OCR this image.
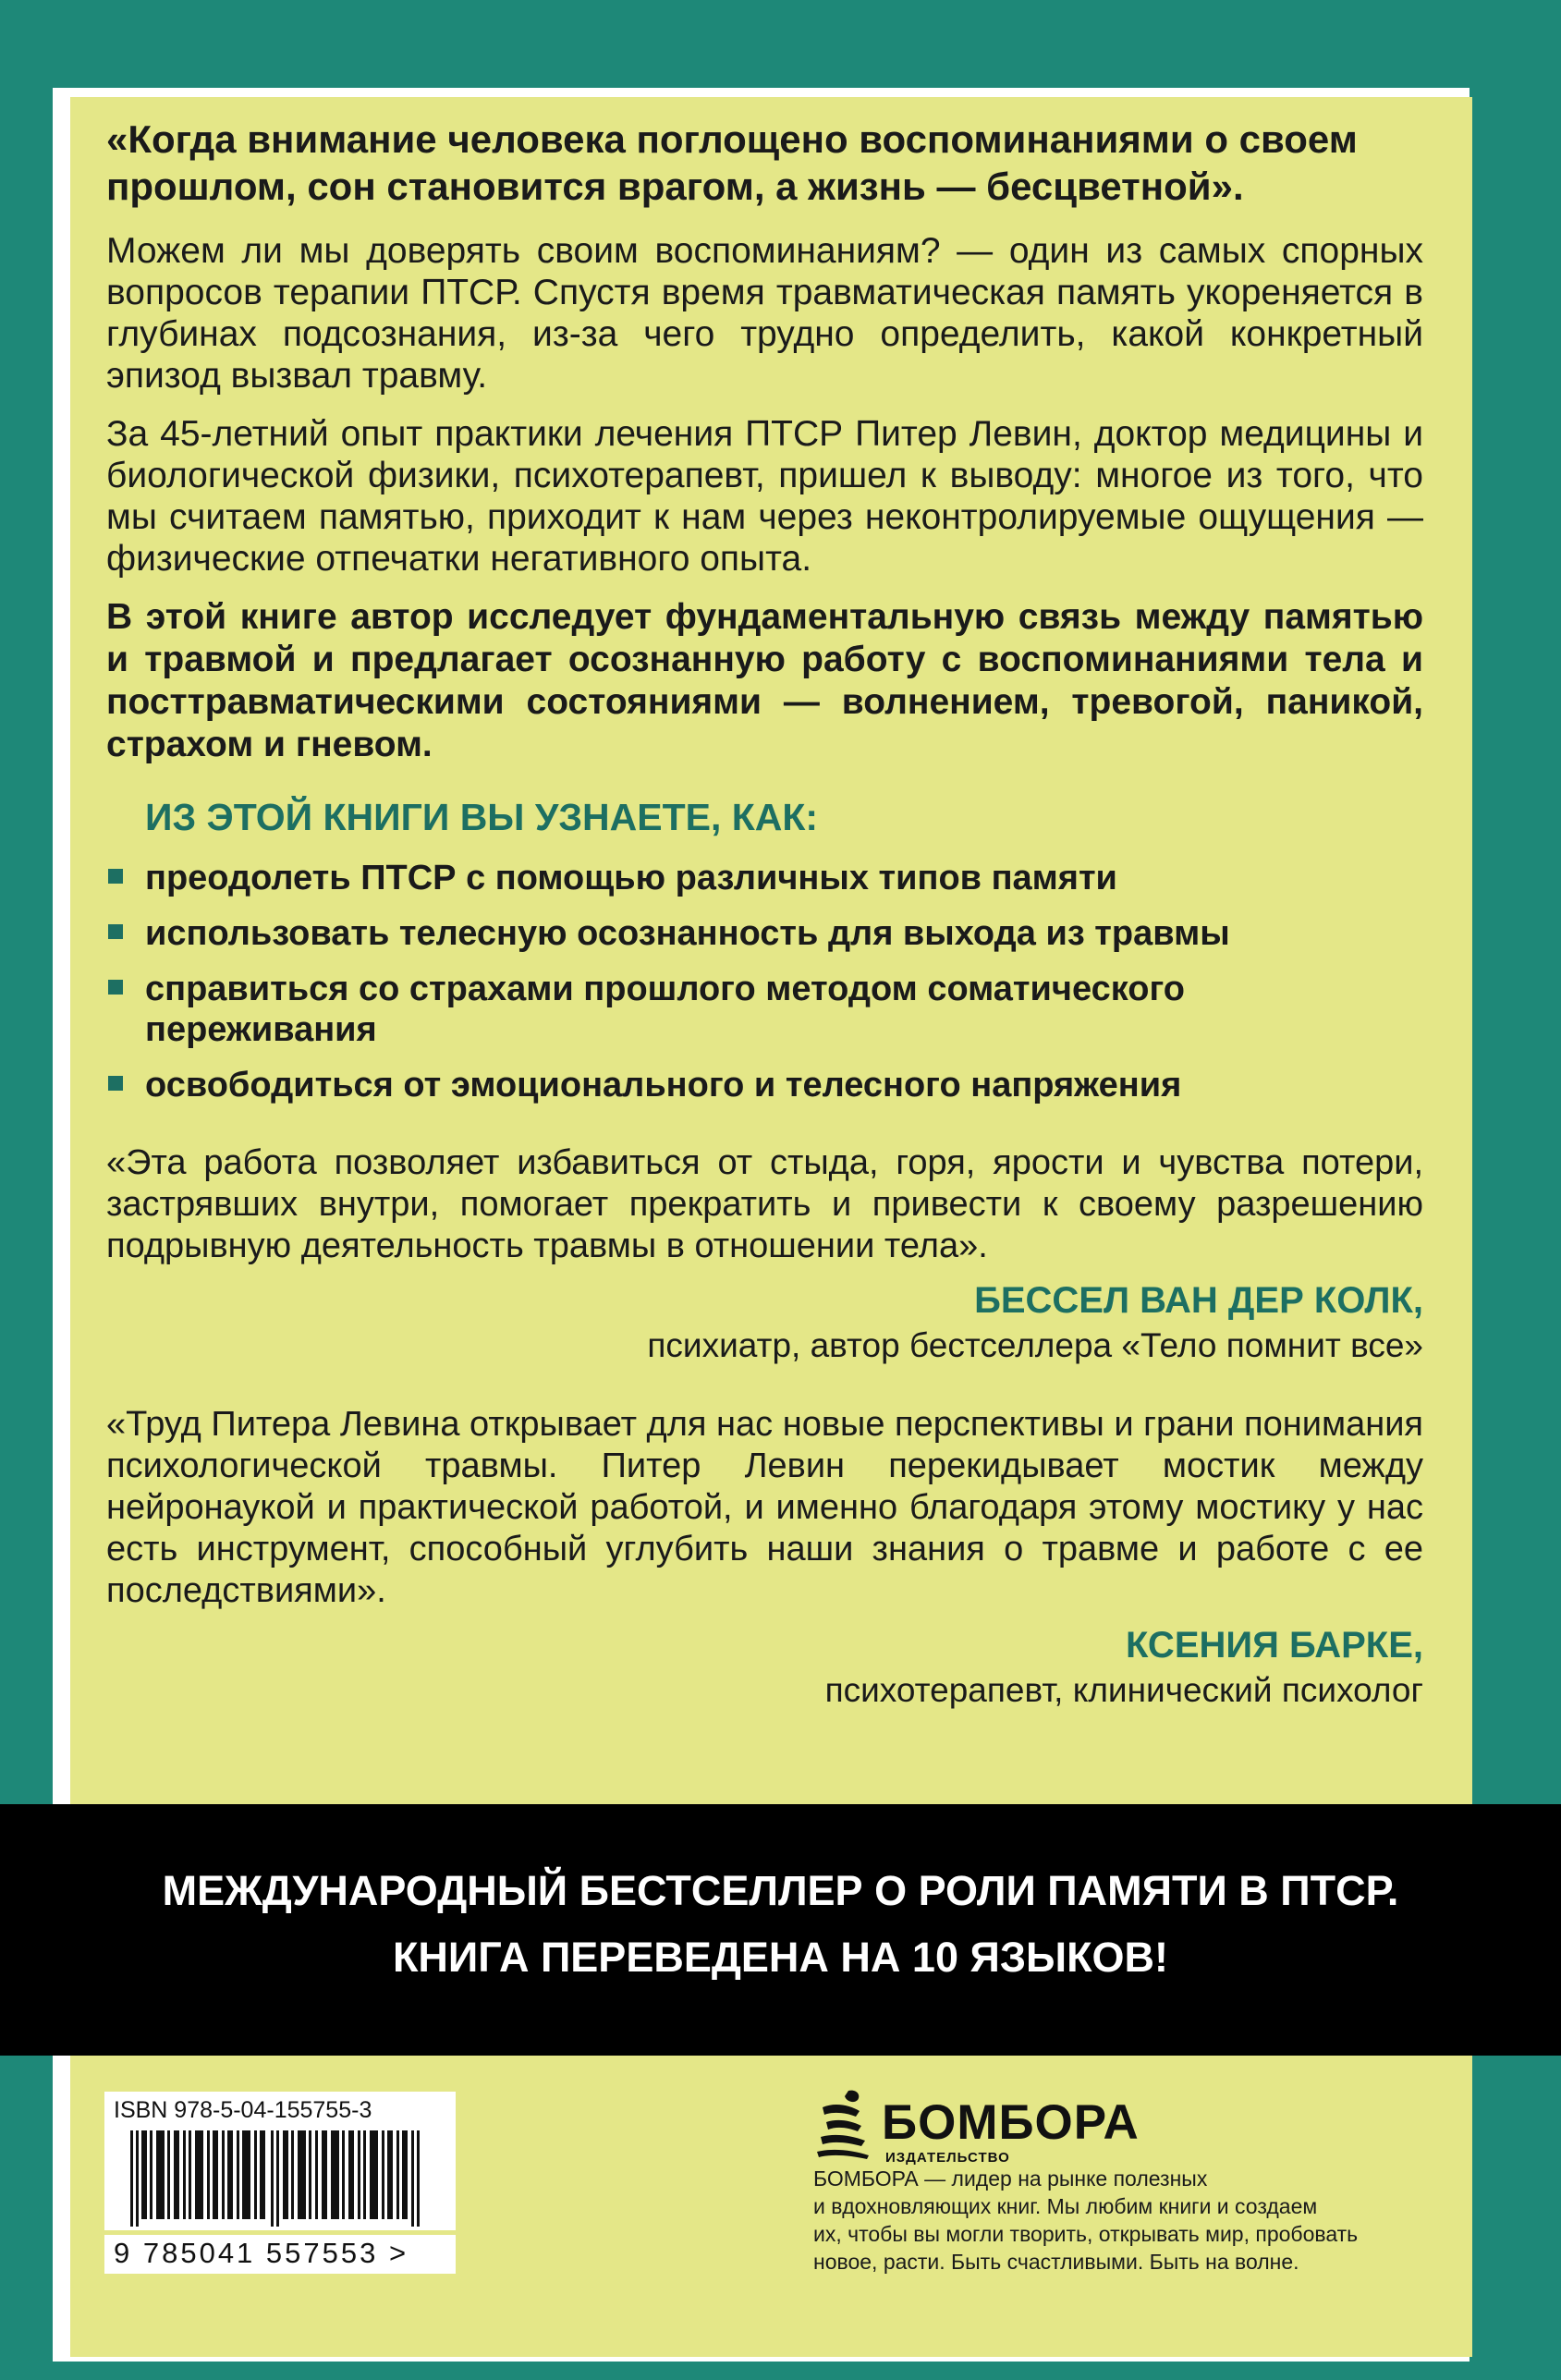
«Когда внимание человека поглощено воспоминаниями о своем прошлом, сон становится врагом, а жизнь — бесцветной».

Можем ли мы доверять своим воспоминаниям? — один из самых спорных вопросов терапии ПТСР. Спустя время травматическая память укореняется в глубинах подсознания, из-за чего трудно определить, какой конкретный эпизод вызвал травму.

За 45-летний опыт практики лечения ПТСР Питер Левин, доктор медицины и биологической физики, психотерапевт, пришел к выводу: многое из того, что мы считаем памятью, приходит к нам через неконтролируемые ощущения — физические отпечатки негативного опыта.

В этой книге автор исследует фундаментальную связь между памятью и травмой и предлагает осознанную работу с воспоминаниями тела и посттравматическими состояниями — волнением, тревогой, паникой, страхом и гневом.

ИЗ ЭТОЙ КНИГИ ВЫ УЗНАЕТЕ, КАК:
преодолеть ПТСР с помощью различных типов памяти
использовать телесную осознанность для выхода из травмы
справиться со страхами прошлого методом соматического переживания
освободиться от эмоционального и телесного напряжения

«Эта работа позволяет избавиться от стыда, горя, ярости и чувства потери, застрявших внутри, помогает прекратить и привести к своему разрешению подрывную деятельность травмы в отношении тела».

БЕССЕЛ ВАН ДЕР КОЛК,

психиатр, автор бестселлера «Тело помнит все»

«Труд Питера Левина открывает для нас новые перспективы и грани понимания психологической травмы. Питер Левин перекидывает мостик между нейронаукой и практической работой, и именно благодаря этому мостику у нас есть инструмент, способный углубить наши знания о травме и работе с ее последствиями».

КСЕНИЯ БАРКЕ,

психотерапевт, клинический психолог

МЕЖДУНАРОДНЫЙ БЕСТСЕЛЛЕР О РОЛИ ПАМЯТИ В ПТСР.

КНИГА ПЕРЕВЕДЕНА НА 10 ЯЗЫКОВ!

ISBN 978-5-04-155755-3
9 785041 557553 >
БОМБОРА
ИЗДАТЕЛЬСТВО
БОМБОРА — лидер на рынке полезных
и вдохновляющих книг. Мы любим книги и создаем
их, чтобы вы могли творить, открывать мир, пробовать
новое, расти. Быть счастливыми. Быть на волне.
